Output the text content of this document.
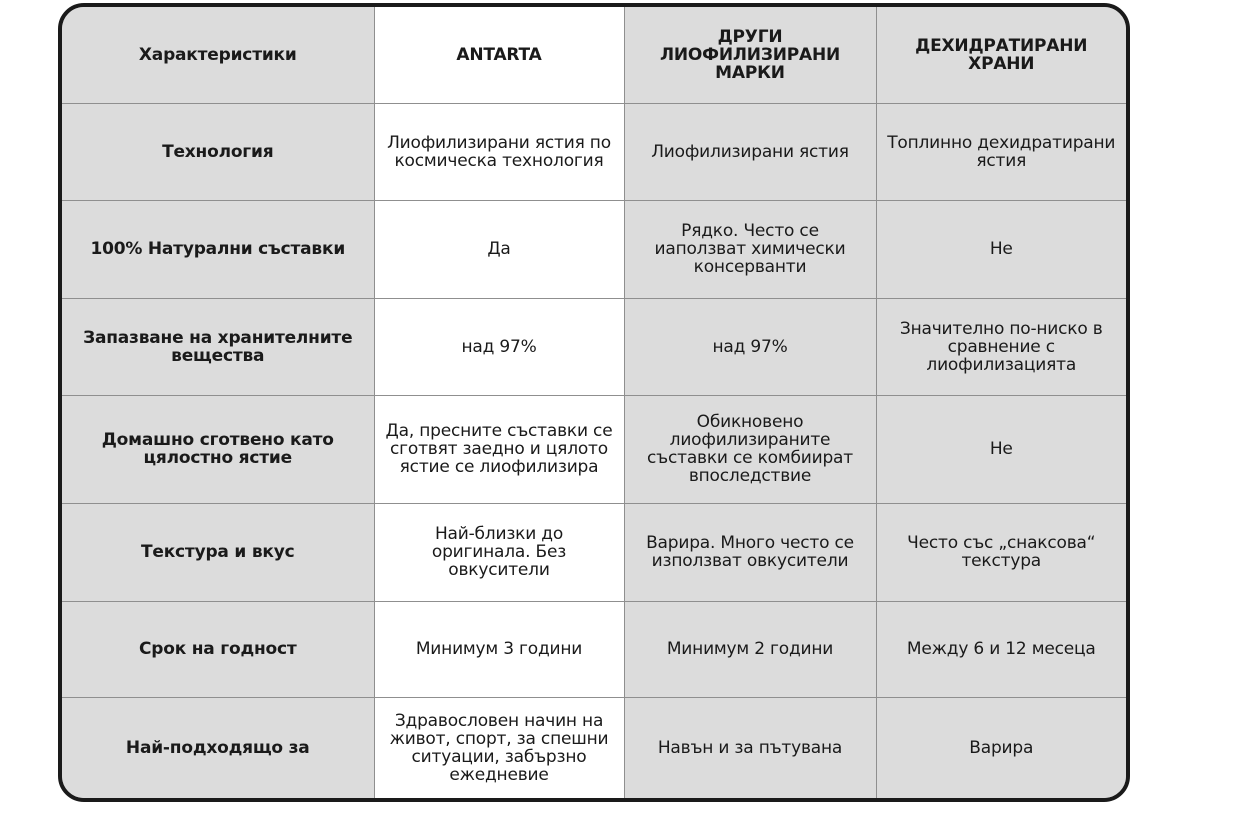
Характеристики	ANTARTA	ДРУГИ ЛИОФИЛИЗИРАНИ МАРКИ	ДЕХИДРАТИРАНИ ХРАНИ
Технология	Лиофилизирани ястия по космическа технология	Лиофилизирани ястия	Топлинно дехидратирани ястия
100% Натурални съставки	Да	Рядко. Често се иаползват химически консерванти	Не
Запазване на хранителните вещества	над 97%	над 97%	Значително по-ниско в сравнение с лиофилизацията
Домашно сготвено като цялостно ястие	Да, пресните съставки се сготвят заедно и цялото ястие се лиофилизира	Обикновено лиофилизираните съставки се комбиират впоследствие	Не
Текстура и вкус	Най-близки до оригинала. Без овкусители	Варира. Много често се използват овкусители	Често със „снаксова“ текстура
Срок на годност	Минимум 3 години	Минимум 2 години	Между 6 и 12 месеца
Най-подходящо за	Здравословен начин на живот, спорт, за спешни ситуации, забързно ежедневие	Навън и за пътувана	Варира
